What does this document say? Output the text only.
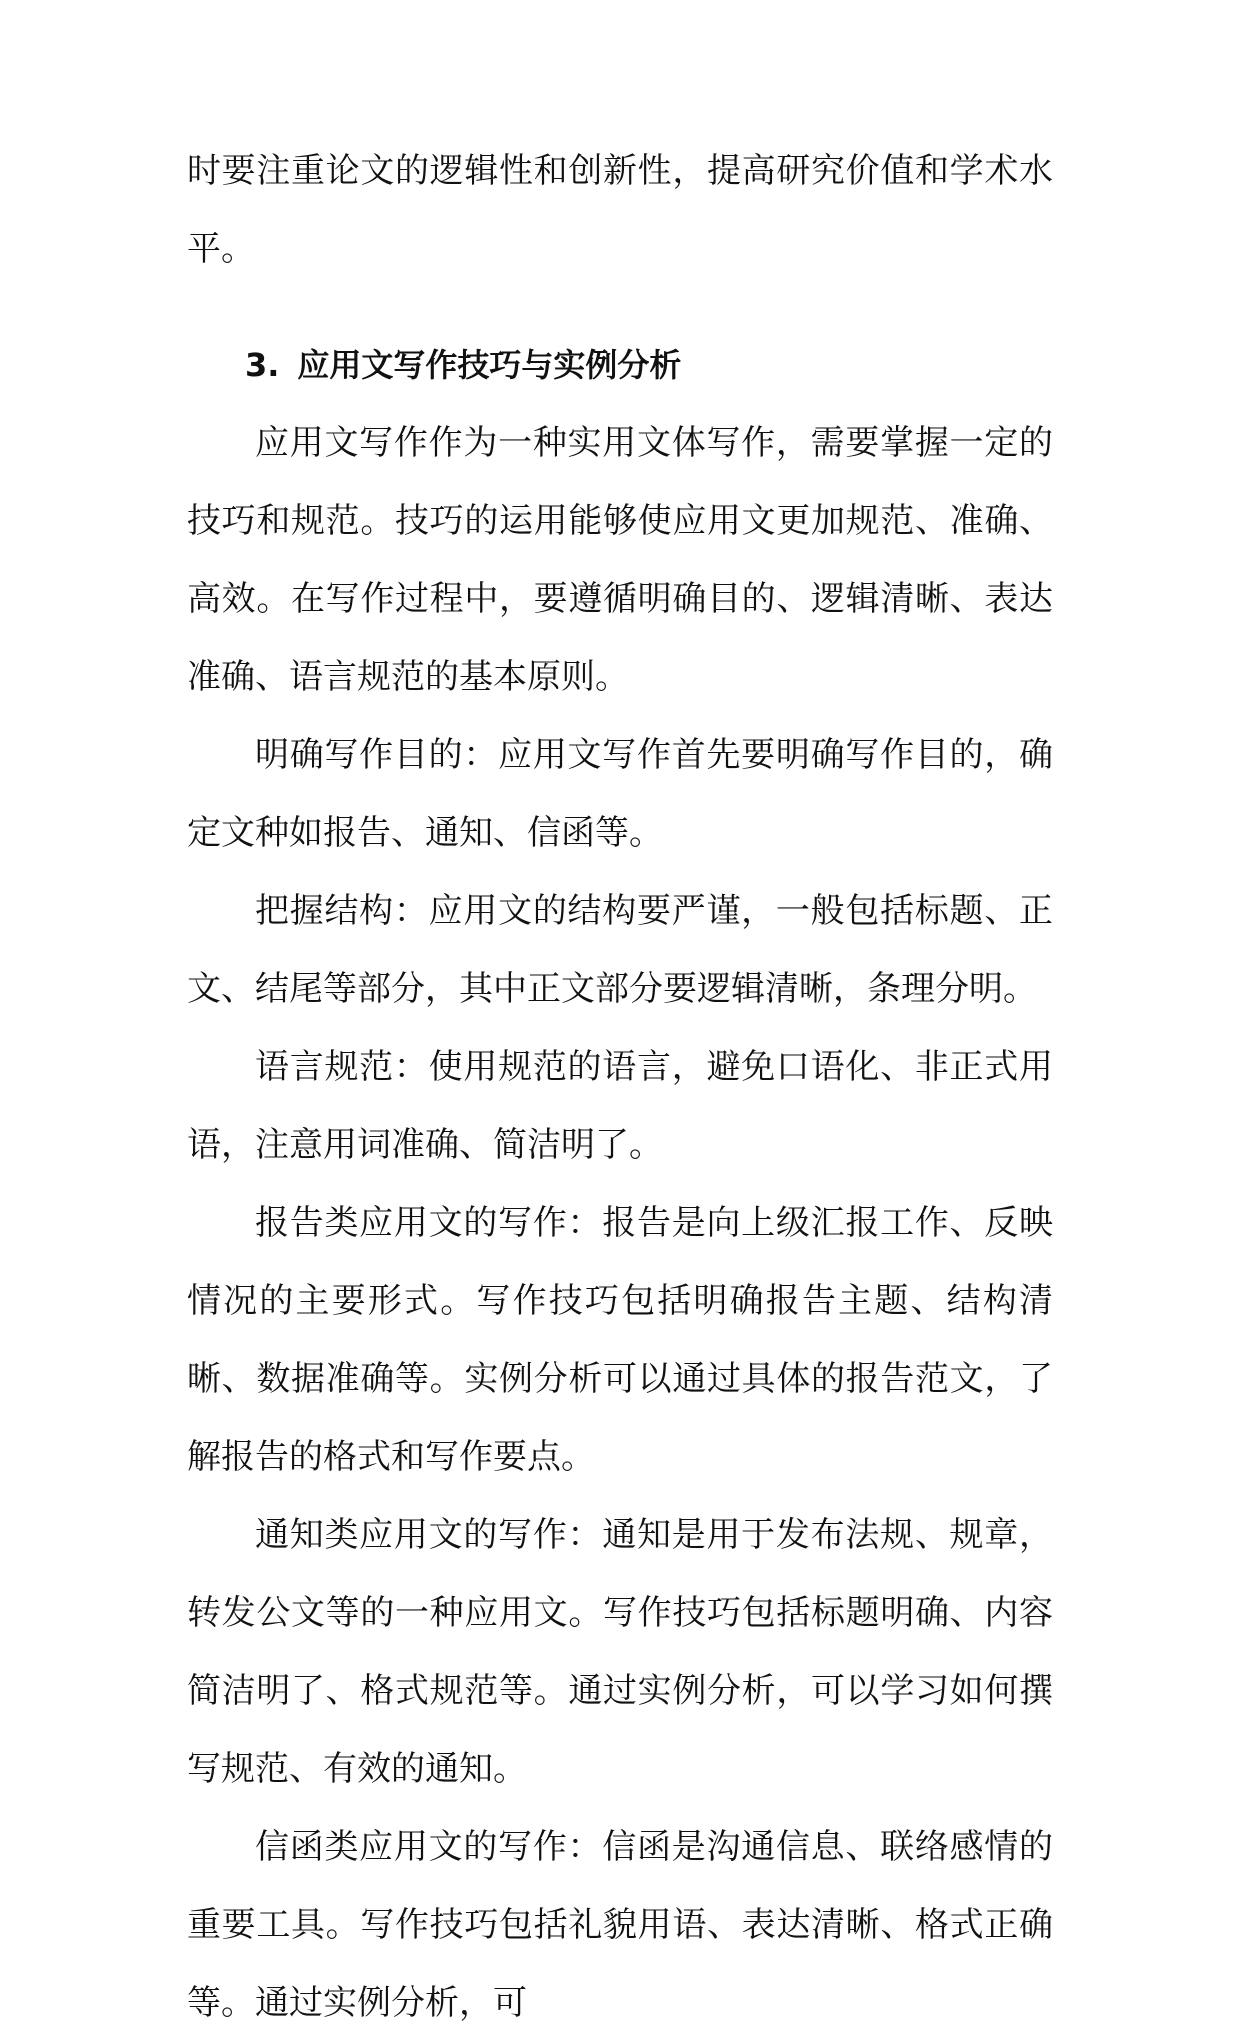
时要注重论文的逻辑性和创新性，提高研究价值和学术水平。

3. 应用文写作技巧与实例分析

应用文写作作为一种实用文体写作，需要掌握一定的技巧和规范。技巧的运用能够使应用文更加规范、准确、高效。在写作过程中，要遵循明确目的、逻辑清晰、表达准确、语言规范的基本原则。

明确写作目的：应用文写作首先要明确写作目的，确定文种如报告、通知、信函等。

把握结构：应用文的结构要严谨，一般包括标题、正文、结尾等部分，其中正文部分要逻辑清晰，条理分明。

语言规范：使用规范的语言，避免口语化、非正式用语，注意用词准确、简洁明了。

报告类应用文的写作：报告是向上级汇报工作、反映情况的主要形式。写作技巧包括明确报告主题、结构清晰、数据准确等。实例分析可以通过具体的报告范文，了解报告的格式和写作要点。

通知类应用文的写作：通知是用于发布法规、规章，转发公文等的一种应用文。写作技巧包括标题明确、内容简洁明了、格式规范等。通过实例分析，可以学习如何撰写规范、有效的通知。

信函类应用文的写作：信函是沟通信息、联络感情的重要工具。写作技巧包括礼貌用语、表达清晰、格式正确等。通过实例分析，可
